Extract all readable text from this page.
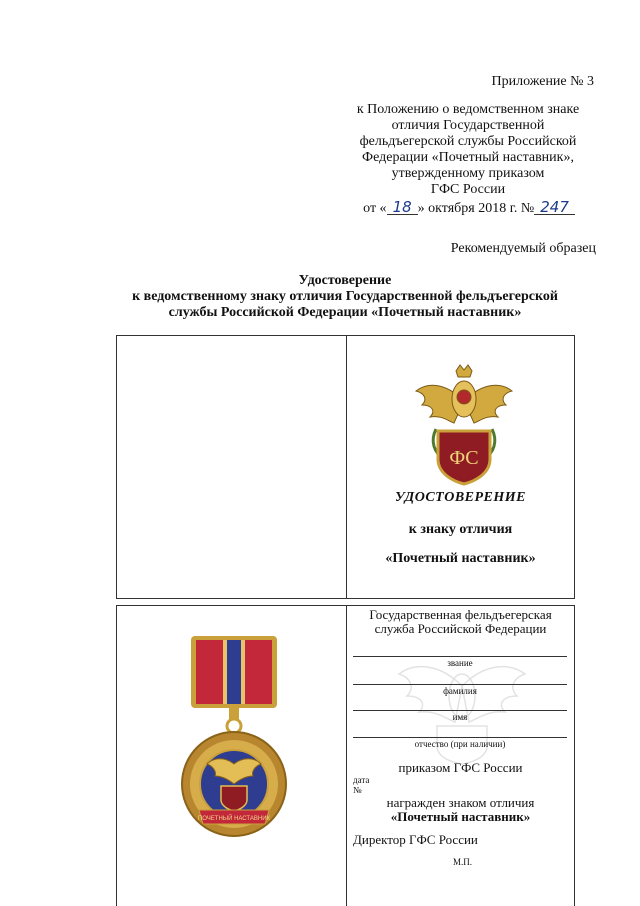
Приложение № 3
к Положению о ведомственном знаке
отличия Государственной
фельдъегерской службы Российской
Федерации «Почетный наставник»,
утвержденному приказом
ГФС России
от « 18 » октября 2018 г. № 247
Рекомендуемый образец
Удостоверение
к ведомственному знаку отличия Государственной фельдъегерской
службы Российской Федерации «Почетный наставник»
ФС
УДОСТОВЕРЕНИЕ
к знаку отличия
«Почетный наставник»
ПОЧЕТНЫЙ НАСТАВНИК
Государственная фельдъегерская
служба Российской Федерации
звание
фамилия
имя
отчество (при наличии)
приказом ГФС России
дата
№
награжден знаком отличия
«Почетный наставник»
Директор ГФС России
М.П.
